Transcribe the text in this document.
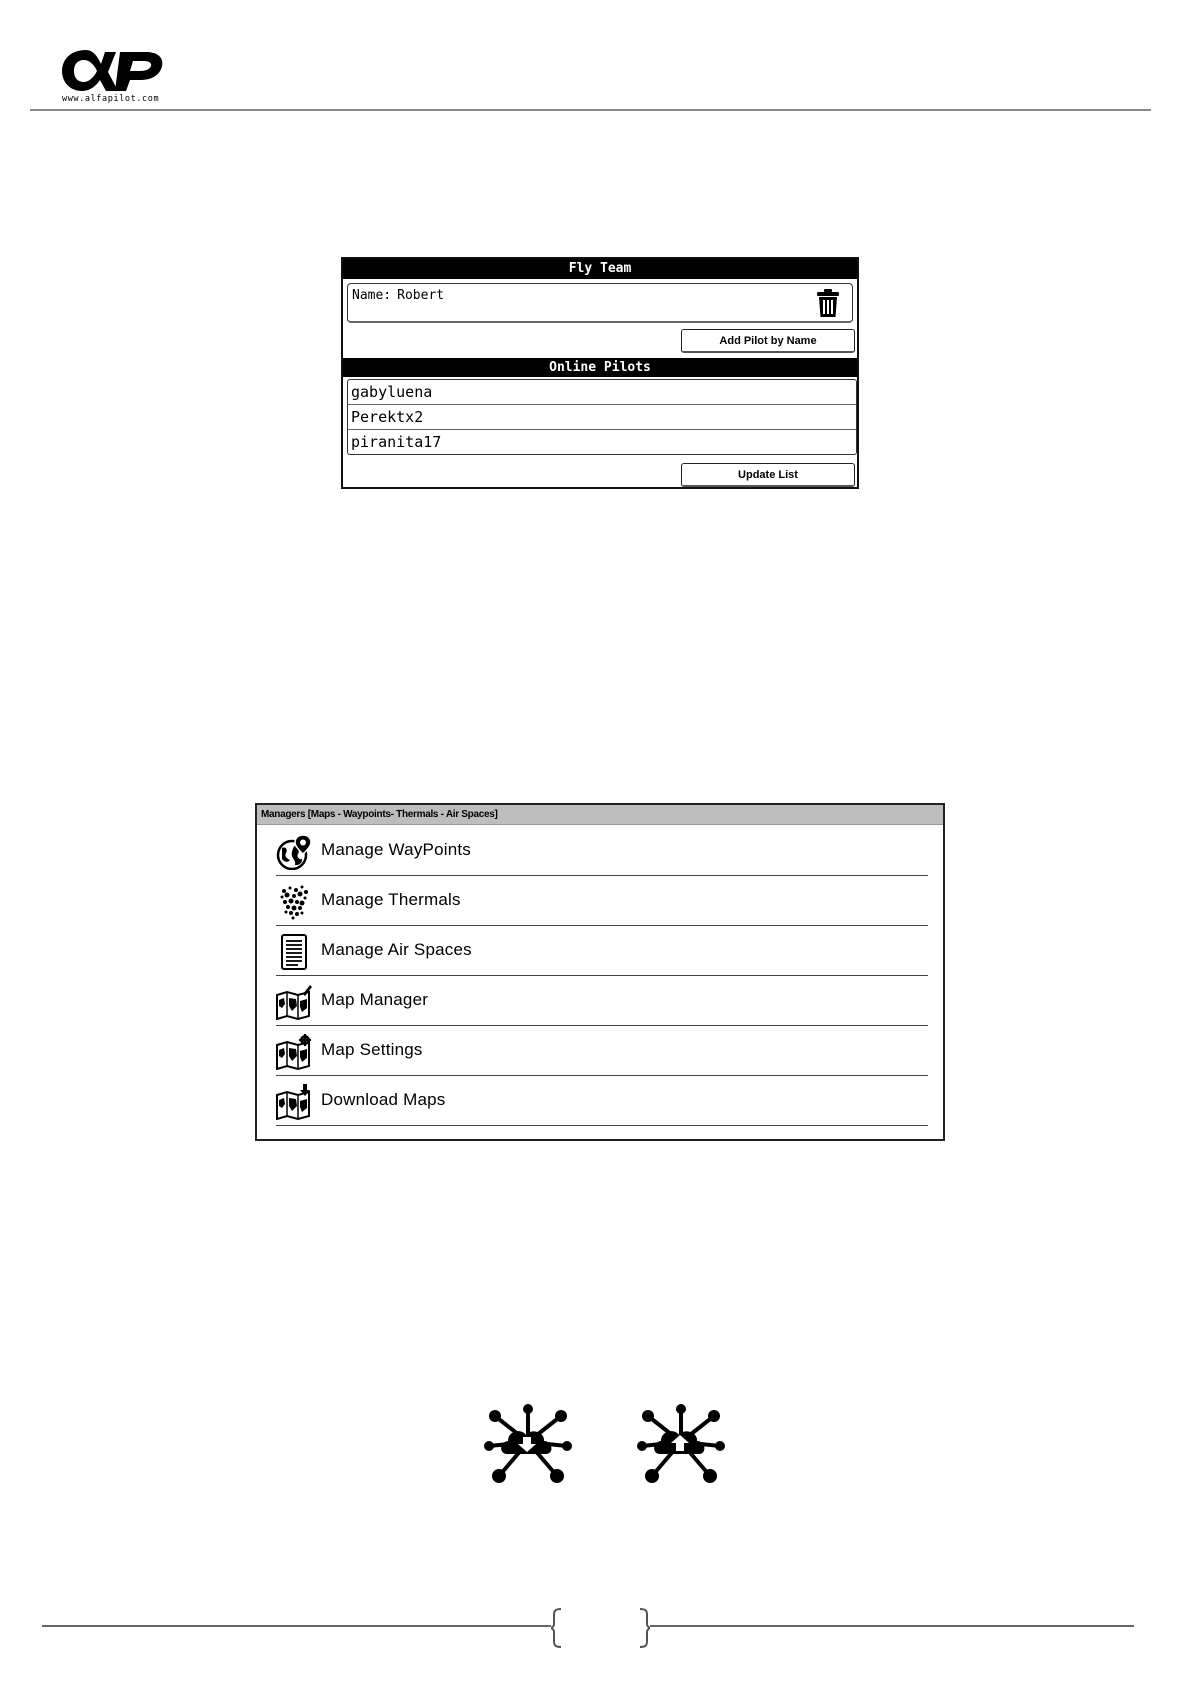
www.alfapilot.com
Fly Team
Name: Robert
Add Pilot by Name
Online Pilots
gabyluena
Perektx2
piranita17
Update List
Managers [Maps - Waypoints- Thermals - Air Spaces]
Manage WayPoints
Manage Thermals
Manage Air Spaces
Map Manager
Map Settings
Download Maps
